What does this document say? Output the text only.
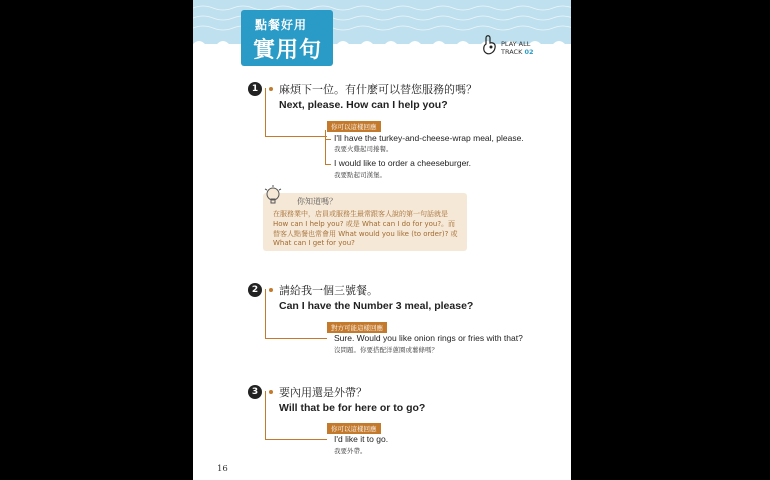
點餐好用
實用句	PLAY ALL
TRACK 02
1	麻煩下一位。有什麼可以替您服務的嗎？
Next, please. How can I help you?
你可以這樣回應
I'll have the turkey-and-cheese-wrap meal, please.
我要火雞起司捲餐。
I would like to order a cheeseburger.
我要點起司漢堡。
你知道嗎？
在服務業中，店員或服務生最常跟客人說的第一句話就是
How can I help you? 或是 What can I do for you?。而
替客人點餐也常會用 What would you like (to order)? 或
What can I get for you?
2	請給我一個三號餐。
Can I have the Number 3 meal, please?
對方可能這樣回應
Sure. Would you like onion rings or fries with that?
沒問題。你要搭配洋蔥圈或薯條嗎？
3	要內用還是外帶？
Will that be for here or to go?
你可以這樣回應
I'd like it to go.
我要外帶。
16
